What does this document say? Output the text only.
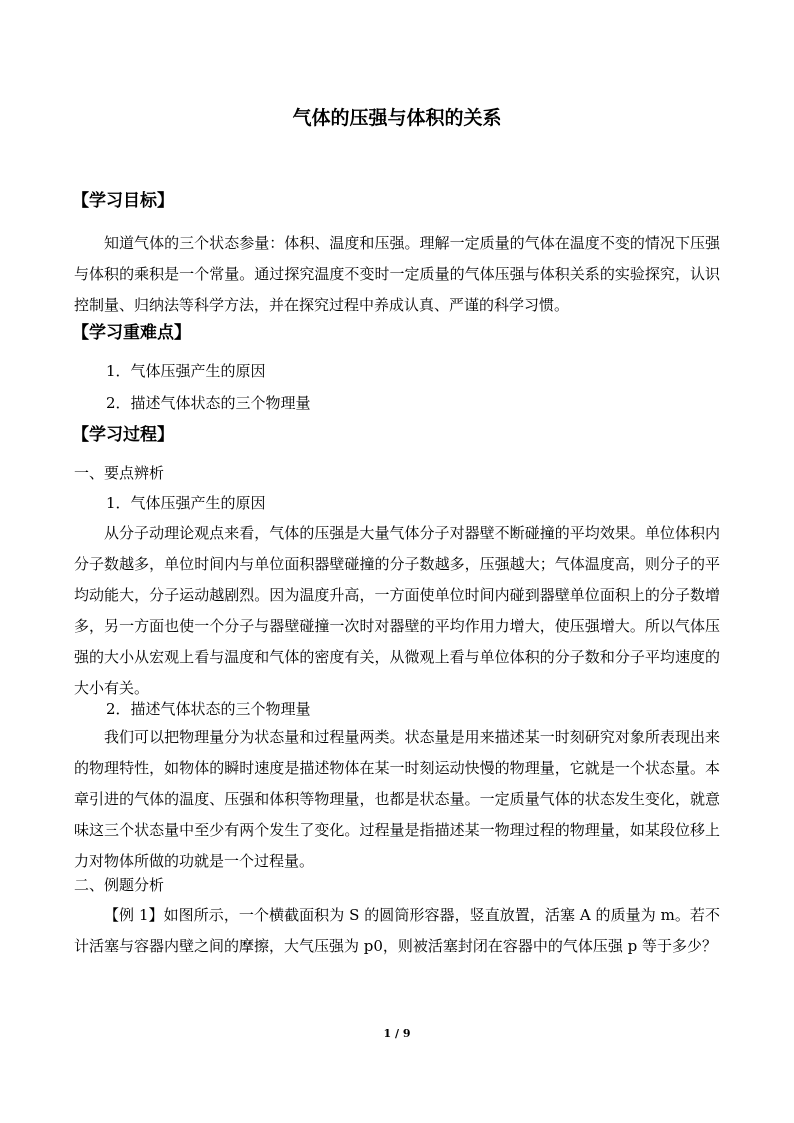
气体的压强与体积的关系
【学习目标】

知道气体的三个状态参量：体积、温度和压强。理解一定质量的气体在温度不变的情况下压强与体积的乘积是一个常量。通过探究温度不变时一定质量的气体压强与体积关系的实验探究，认识控制量、归纳法等科学方法，并在探究过程中养成认真、严谨的科学习惯。

【学习重难点】
1．气体压强产生的原因
2．描述气体状态的三个物理量
【学习过程】
一、要点辨析
1．气体压强产生的原因

从分子动理论观点来看，气体的压强是大量气体分子对器壁不断碰撞的平均效果。单位体积内分子数越多，单位时间内与单位面积器壁碰撞的分子数越多，压强越大；气体温度高，则分子的平均动能大，分子运动越剧烈。因为温度升高，一方面使单位时间内碰到器壁单位面积上的分子数增多，另一方面也使一个分子与器壁碰撞一次时对器壁的平均作用力增大，使压强增大。所以气体压强的大小从宏观上看与温度和气体的密度有关，从微观上看与单位体积的分子数和分子平均速度的大小有关。

2．描述气体状态的三个物理量

我们可以把物理量分为状态量和过程量两类。状态量是用来描述某一时刻研究对象所表现出来的物理特性，如物体的瞬时速度是描述物体在某一时刻运动快慢的物理量，它就是一个状态量。本章引进的气体的温度、压强和体积等物理量，也都是状态量。一定质量气体的状态发生变化，就意味这三个状态量中至少有两个发生了变化。过程量是指描述某一物理过程的物理量，如某段位移上力对物体所做的功就是一个过程量。

二、例题分析

【例 1】如图所示，一个横截面积为 S 的圆筒形容器，竖直放置，活塞 A 的质量为 m。若不计活塞与容器内壁之间的摩擦，大气压强为 p0，则被活塞封闭在容器中的气体压强 p 等于多少？

1 / 9
